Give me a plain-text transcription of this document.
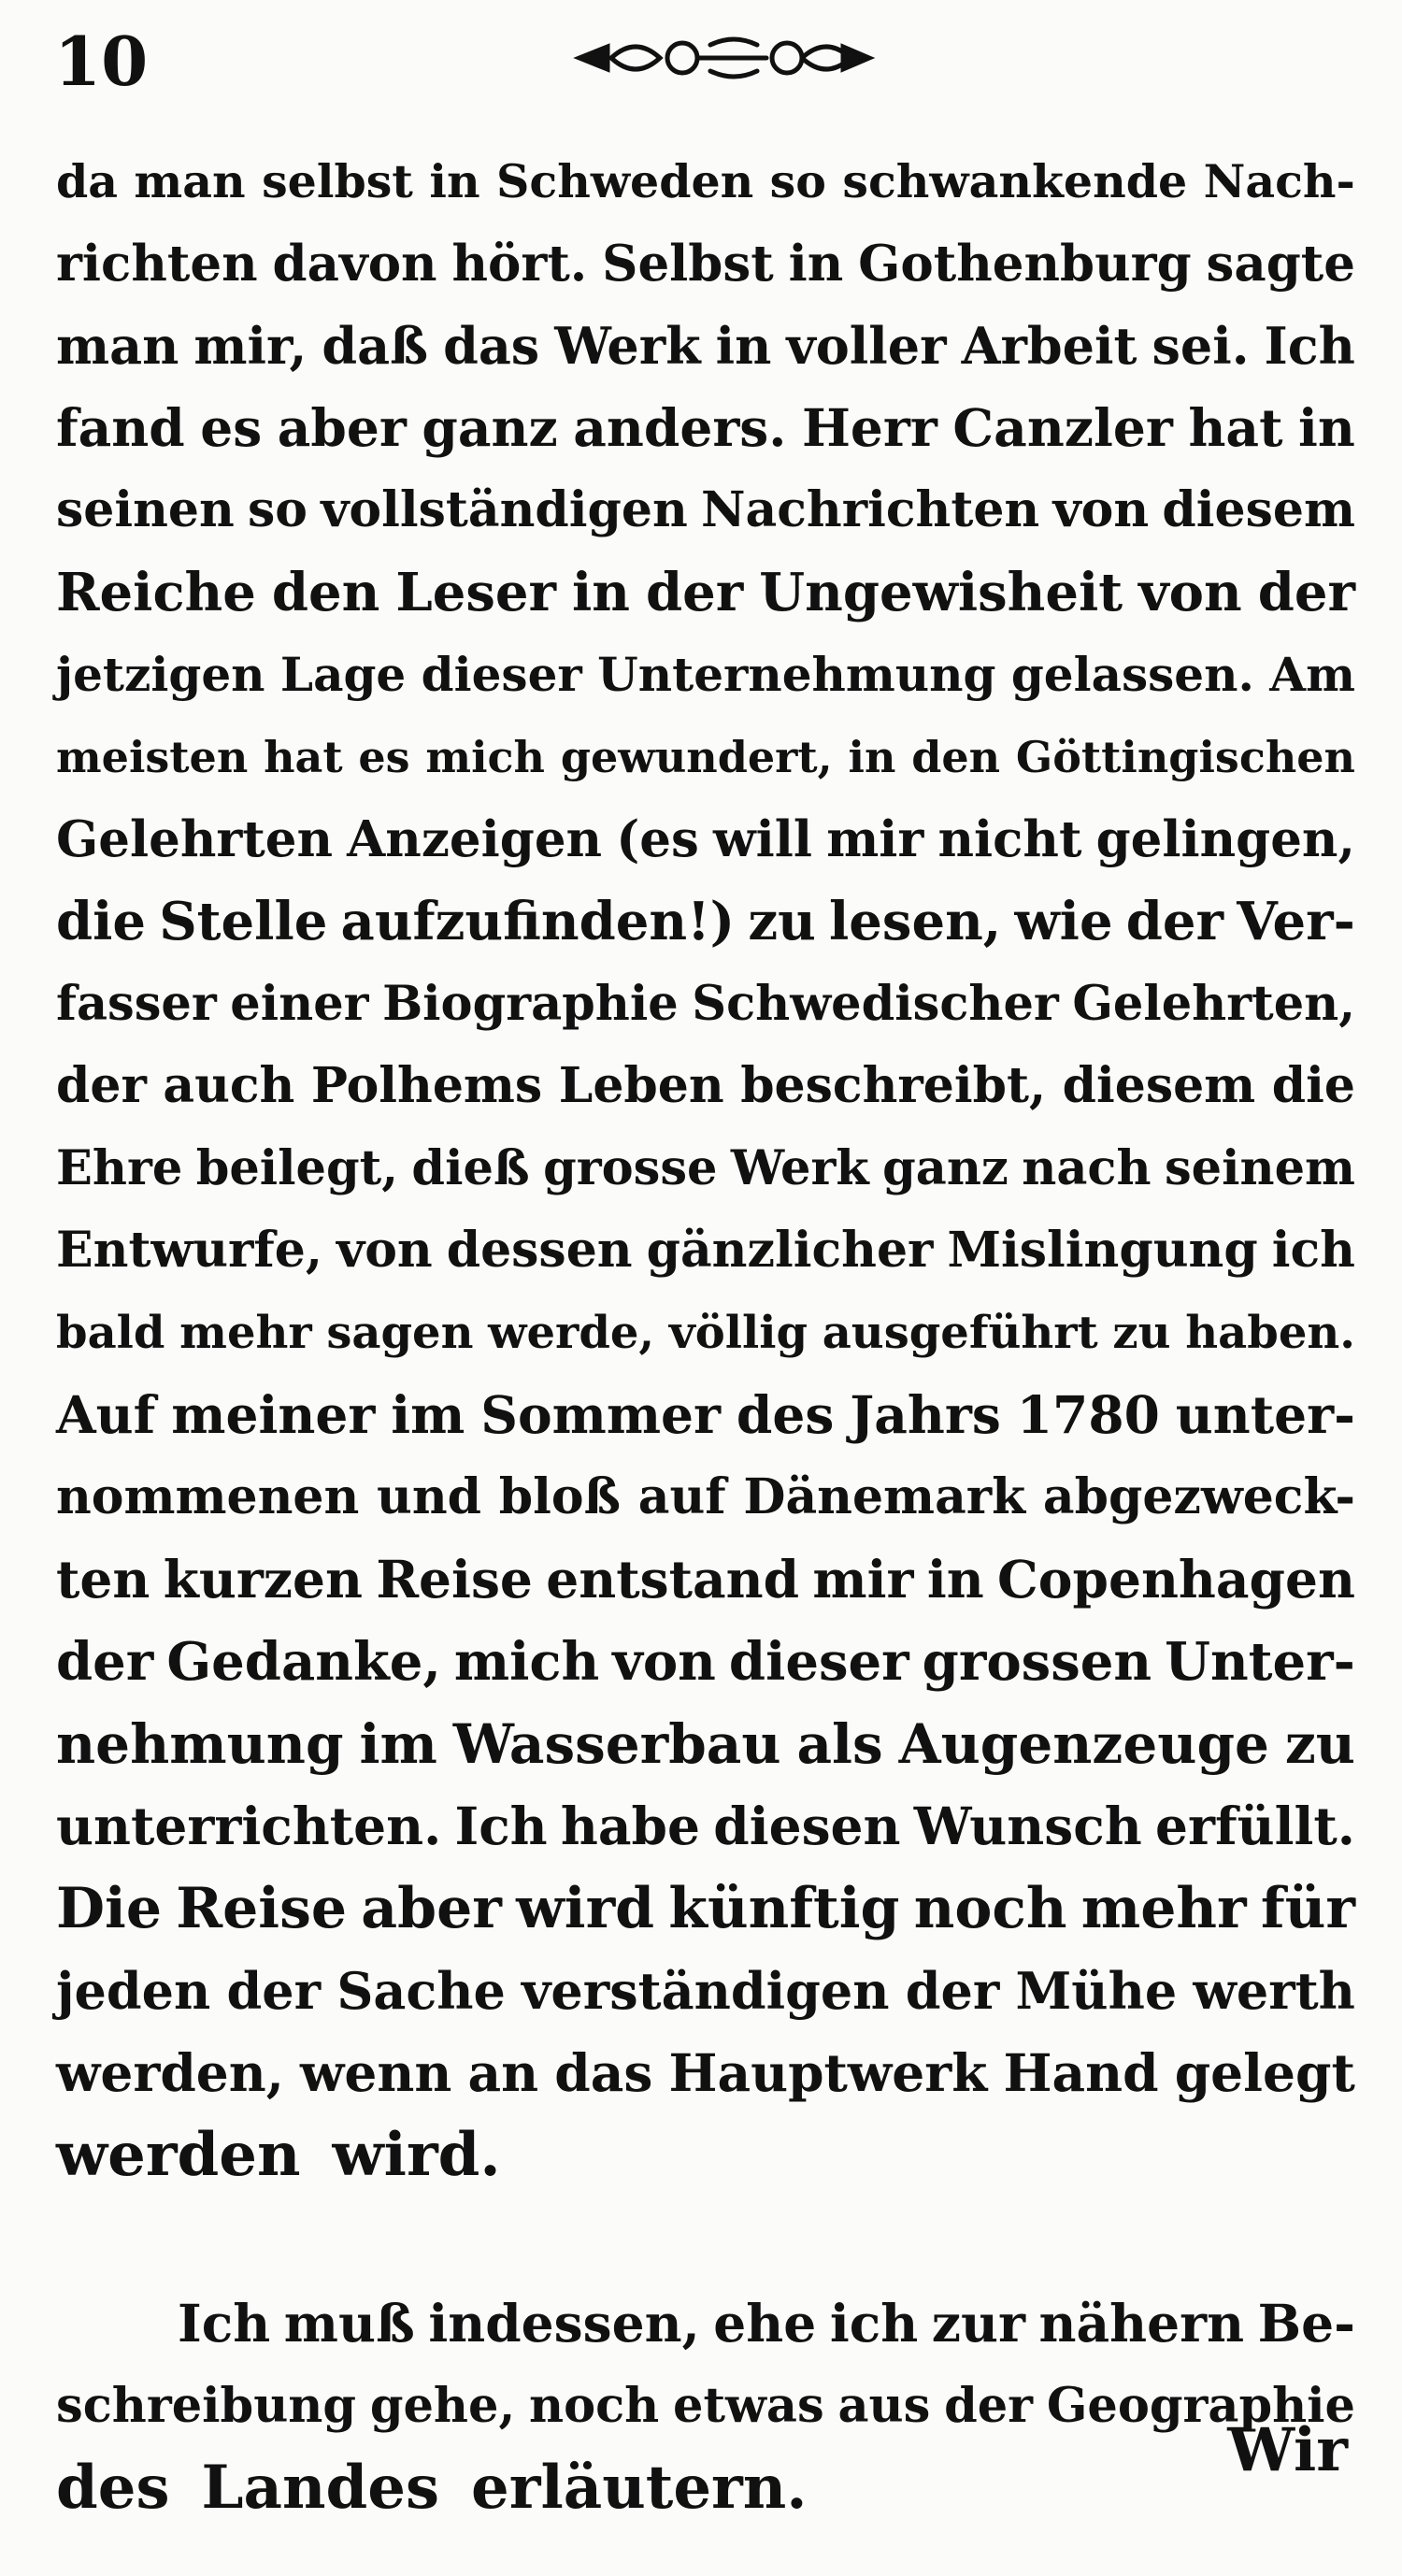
10
da man selbst in Schweden so schwankende Nach-
richten davon hört. Selbst in Gothenburg sagte
man mir, daß das Werk in voller Arbeit sei. Ich
fand es aber ganz anders. Herr Canzler hat in
seinen so vollständigen Nachrichten von diesem
Reiche den Leser in der Ungewisheit von der
jetzigen Lage dieser Unternehmung gelassen. Am
meisten hat es mich gewundert, in den Göttingischen
Gelehrten Anzeigen (es will mir nicht gelingen,
die Stelle aufzufinden!) zu lesen, wie der Ver-
fasser einer Biographie Schwedischer Gelehrten,
der auch Polhems Leben beschreibt, diesem die
Ehre beilegt, dieß grosse Werk ganz nach seinem
Entwurfe, von dessen gänzlicher Mislingung ich
bald mehr sagen werde, völlig ausgeführt zu haben.
Auf meiner im Sommer des Jahrs 1780 unter-
nommenen und bloß auf Dänemark abgezweck-
ten kurzen Reise entstand mir in Copenhagen
der Gedanke, mich von dieser grossen Unter-
nehmung im Wasserbau als Augenzeuge zu
unterrichten. Ich habe diesen Wunsch erfüllt.
Die Reise aber wird künftig noch mehr für
jeden der Sache verständigen der Mühe werth
werden, wenn an das Hauptwerk Hand gelegt
werden wird.
Ich muß indessen, ehe ich zur nähern Be-
schreibung gehe, noch etwas aus der Geographie
des Landes erläutern.
Wir
